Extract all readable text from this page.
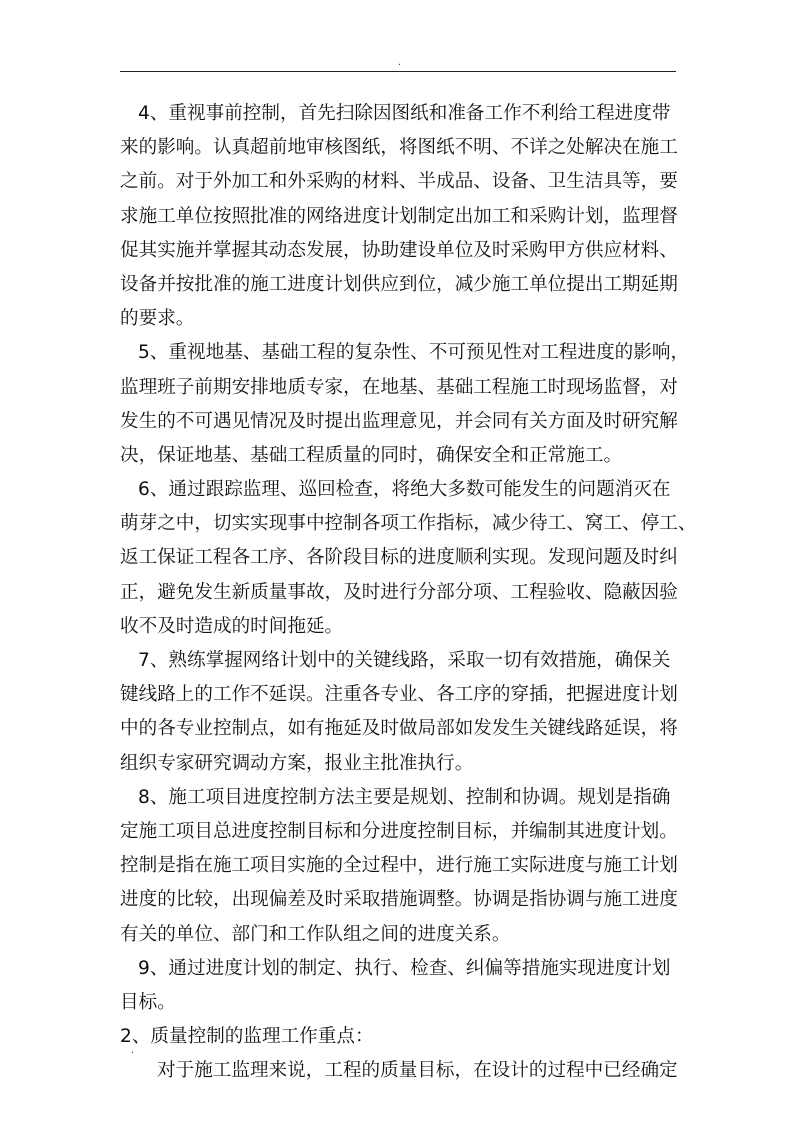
.
4、重视事前控制，首先扫除因图纸和准备工作不利给工程进度带
来的影响。认真超前地审核图纸，将图纸不明、不详之处解决在施工
之前。对于外加工和外采购的材料、半成品、设备、卫生洁具等，要
求施工单位按照批准的网络进度计划制定出加工和采购计划，监理督
促其实施并掌握其动态发展，协助建设单位及时采购甲方供应材料、
设备并按批准的施工进度计划供应到位，减少施工单位提出工期延期
的要求。
5、重视地基、基础工程的复杂性、不可预见性对工程进度的影响，
监理班子前期安排地质专家，在地基、基础工程施工时现场监督，对
发生的不可遇见情况及时提出监理意见，并会同有关方面及时研究解
决，保证地基、基础工程质量的同时，确保安全和正常施工。
6、通过跟踪监理、巡回检查，将绝大多数可能发生的问题消灭在
萌芽之中，切实实现事中控制各项工作指标，减少待工、窝工、停工、
返工保证工程各工序、各阶段目标的进度顺利实现。发现问题及时纠
正，避免发生新质量事故，及时进行分部分项、工程验收、隐蔽因验
收不及时造成的时间拖延。
7、熟练掌握网络计划中的关键线路，采取一切有效措施，确保关
键线路上的工作不延误。注重各专业、各工序的穿插，把握进度计划
中的各专业控制点，如有拖延及时做局部如发发生关键线路延误，将
组织专家研究调动方案，报业主批准执行。
8、施工项目进度控制方法主要是规划、控制和协调。规划是指确
定施工项目总进度控制目标和分进度控制目标，并编制其进度计划。
控制是指在施工项目实施的全过程中，进行施工实际进度与施工计划
进度的比较，出现偏差及时采取措施调整。协调是指协调与施工进度
有关的单位、部门和工作队组之间的进度关系。
9、通过进度计划的制定、执行、检查、纠偏等措施实现进度计划
目标。
2、质量控制的监理工作重点：
对于施工监理来说，工程的质量目标，在设计的过程中已经确定
.
